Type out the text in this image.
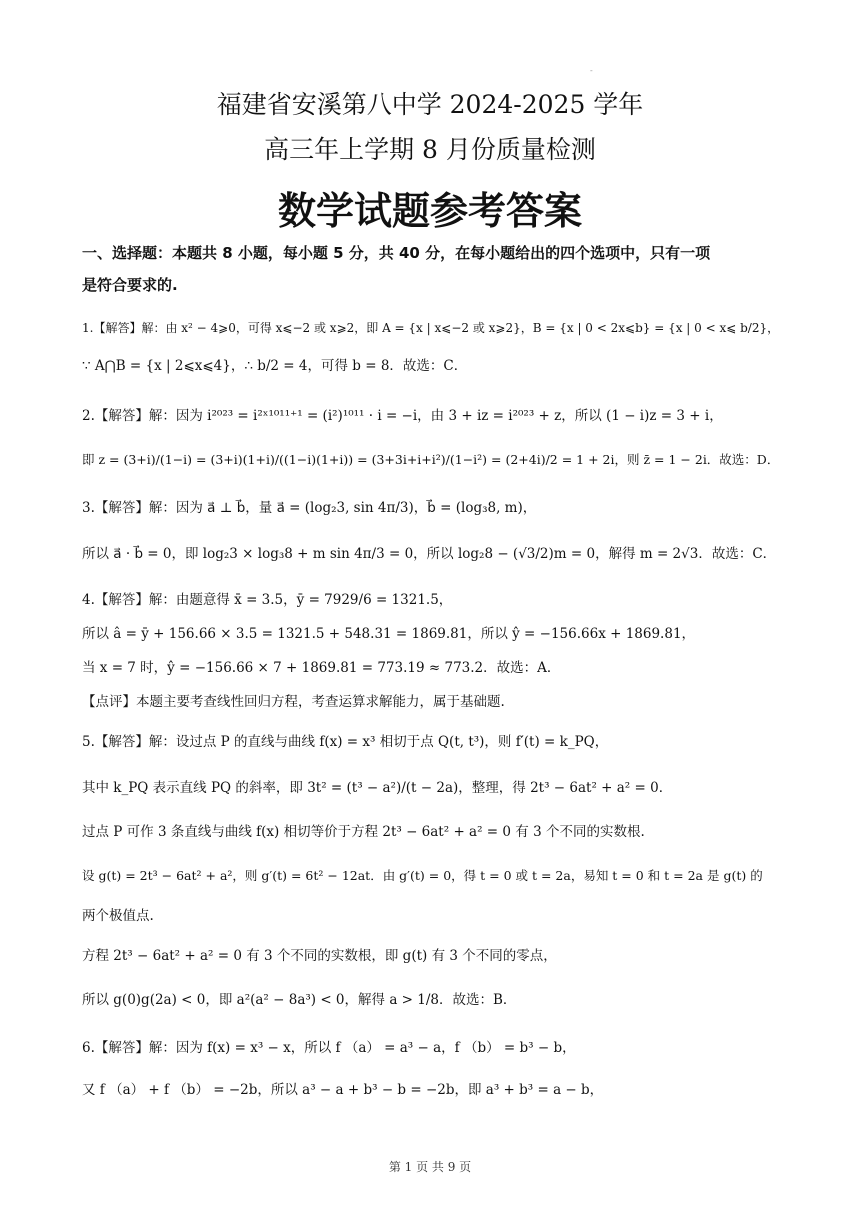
-
福建省安溪第八中学 2024-2025 学年
高三年上学期 8 月份质量检测
数学试题参考答案
一、选择题：本题共 8 小题，每小题 5 分，共 40 分，在每小题给出的四个选项中，只有一项
是符合要求的.
1.【解答】解：由 x² − 4⩾0，可得 x⩽−2 或 x⩾2，即 A = {x | x⩽−2 或 x⩾2}，B = {x | 0 < 2x⩽b} = {x | 0 < x⩽ b/2}，
∵ A⋂B = {x | 2⩽x⩽4}，∴ b/2 = 4，可得 b = 8．故选：C．
2.【解答】解：因为 i²⁰²³ = i²ˣ¹⁰¹¹⁺¹ = (i²)¹⁰¹¹ · i = −i，由 3 + iz = i²⁰²³ + z，所以 (1 − i)z = 3 + i，
即 z = (3+i)/(1−i) = (3+i)(1+i)/((1−i)(1+i)) = (3+3i+i+i²)/(1−i²) = (2+4i)/2 = 1 + 2i，则 z̄ = 1 − 2i．故选：D．
3.【解答】解：因为 a⃗ ⊥ b⃗，量 a⃗ = (log₂3, sin 4π/3)，b⃗ = (log₃8, m)，
所以 a⃗ · b⃗ = 0，即 log₂3 × log₃8 + m sin 4π/3 = 0，所以 log₂8 − (√3/2)m = 0，解得 m = 2√3．故选：C．
4.【解答】解：由题意得 x̄ = 3.5，ȳ = 7929/6 = 1321.5，
所以 â = ȳ + 156.66 × 3.5 = 1321.5 + 548.31 = 1869.81，所以 ŷ = −156.66x + 1869.81，
当 x = 7 时，ŷ = −156.66 × 7 + 1869.81 = 773.19 ≈ 773.2．故选：A．
【点评】本题主要考查线性回归方程，考查运算求解能力，属于基础题.
5.【解答】解：设过点 P 的直线与曲线 f(x) = x³ 相切于点 Q(t, t³)，则 f′(t) = k_PQ，
其中 k_PQ 表示直线 PQ 的斜率，即 3t² = (t³ − a²)/(t − 2a)，整理，得 2t³ − 6at² + a² = 0．
过点 P 可作 3 条直线与曲线 f(x) 相切等价于方程 2t³ − 6at² + a² = 0 有 3 个不同的实数根.
设 g(t) = 2t³ − 6at² + a²，则 g′(t) = 6t² − 12at．由 g′(t) = 0，得 t = 0 或 t = 2a，易知 t = 0 和 t = 2a 是 g(t) 的
两个极值点.
方程 2t³ − 6at² + a² = 0 有 3 个不同的实数根，即 g(t) 有 3 个不同的零点，
所以 g(0)g(2a) < 0，即 a²(a² − 8a³) < 0，解得 a > 1/8．故选：B．
6.【解答】解：因为 f(x) = x³ − x，所以 f （a） = a³ − a，f （b） = b³ − b，
又 f （a） + f （b） = −2b，所以 a³ − a + b³ − b = −2b，即 a³ + b³ = a − b，
第 1 页 共 9 页
